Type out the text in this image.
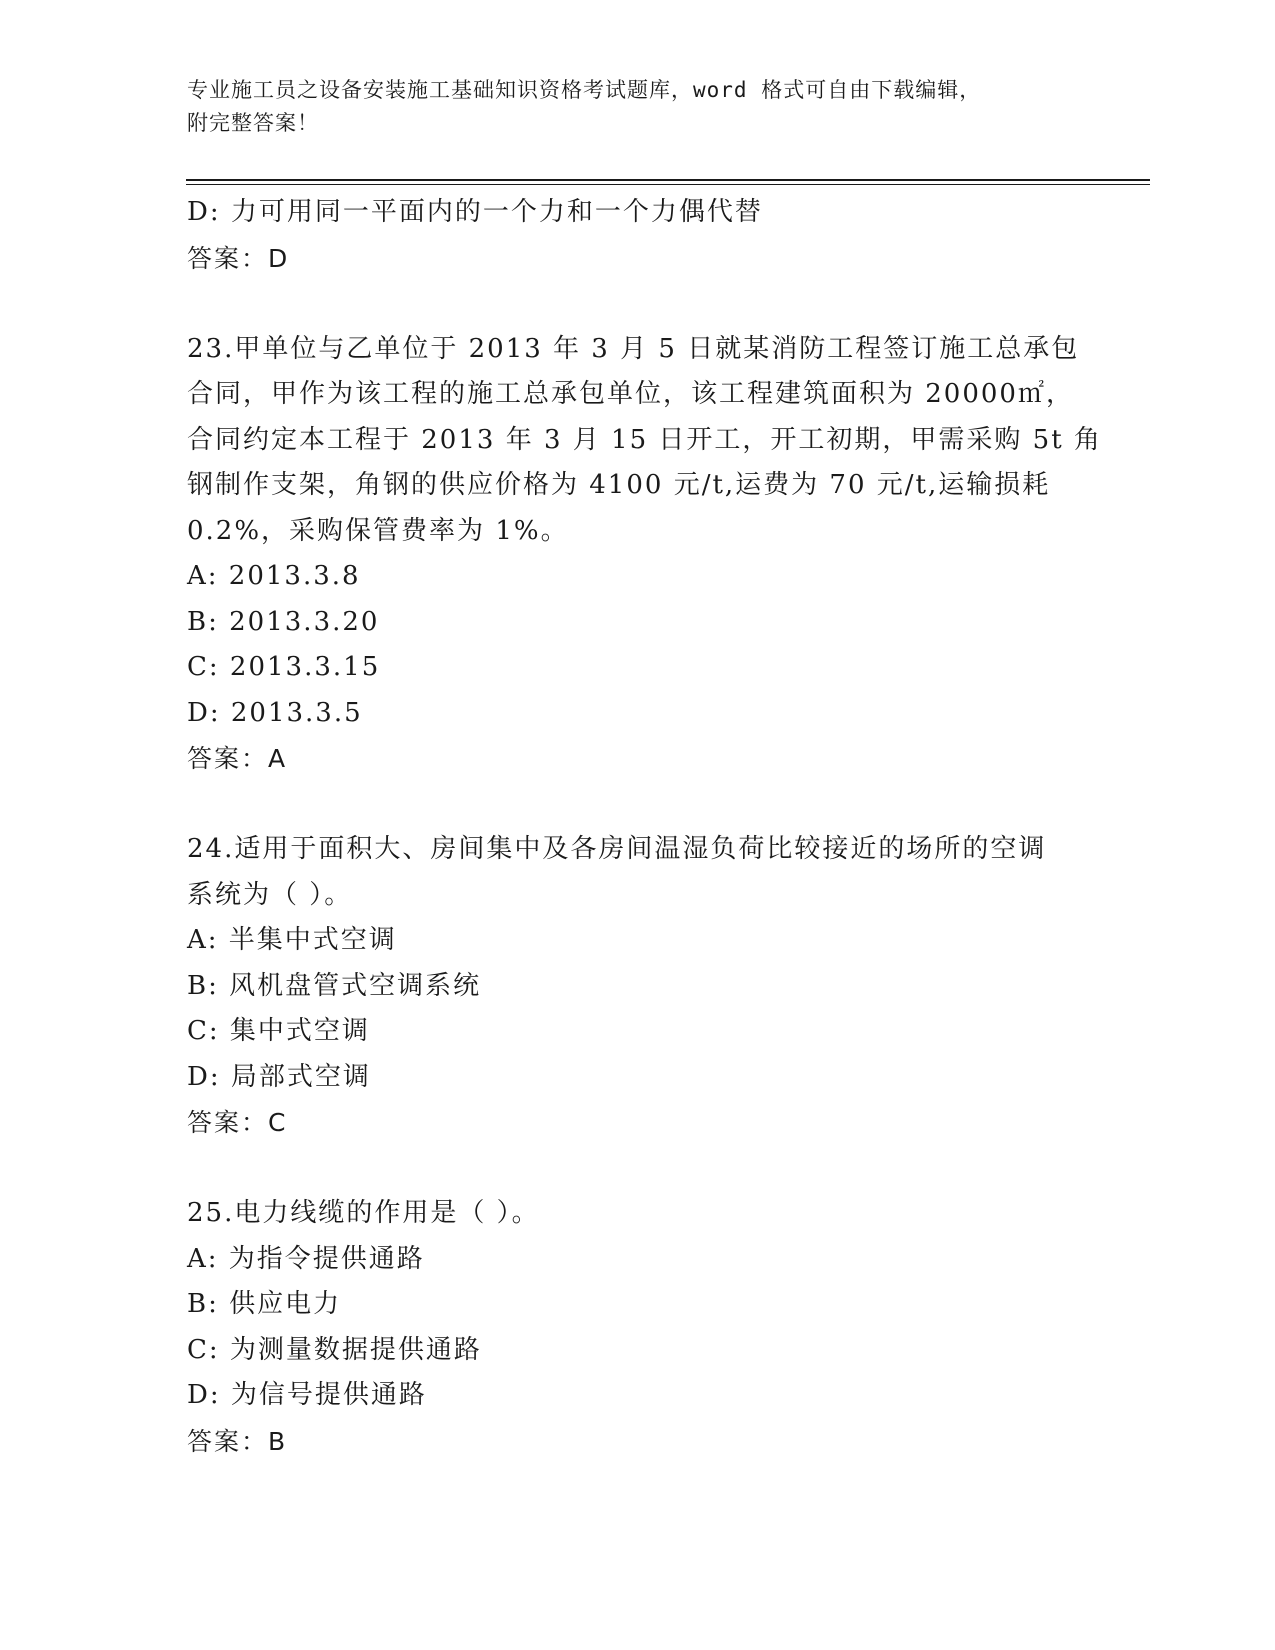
专业施工员之设备安装施工基础知识资格考试题库，word 格式可自由下载编辑，
附完整答案！
D: 力可用同一平面内的一个力和一个力偶代替
答案：D
23.甲单位与乙单位于 2013 年 3 月 5 日就某消防工程签订施工总承包
合同，甲作为该工程的施工总承包单位，该工程建筑面积为 20000㎡，
合同约定本工程于 2013 年 3 月 15 日开工，开工初期，甲需采购 5t 角
钢制作支架，角钢的供应价格为 4100 元/t,运费为 70 元/t,运输损耗
0.2%，采购保管费率为 1%。
A: 2013.3.8
B: 2013.3.20
C: 2013.3.15
D: 2013.3.5
答案：A
24.适用于面积大、房间集中及各房间温湿负荷比较接近的场所的空调
系统为（ ）。
A: 半集中式空调
B: 风机盘管式空调系统
C: 集中式空调
D: 局部式空调
答案：C
25.电力线缆的作用是（ ）。
A: 为指令提供通路
B: 供应电力
C: 为测量数据提供通路
D: 为信号提供通路
答案：B
